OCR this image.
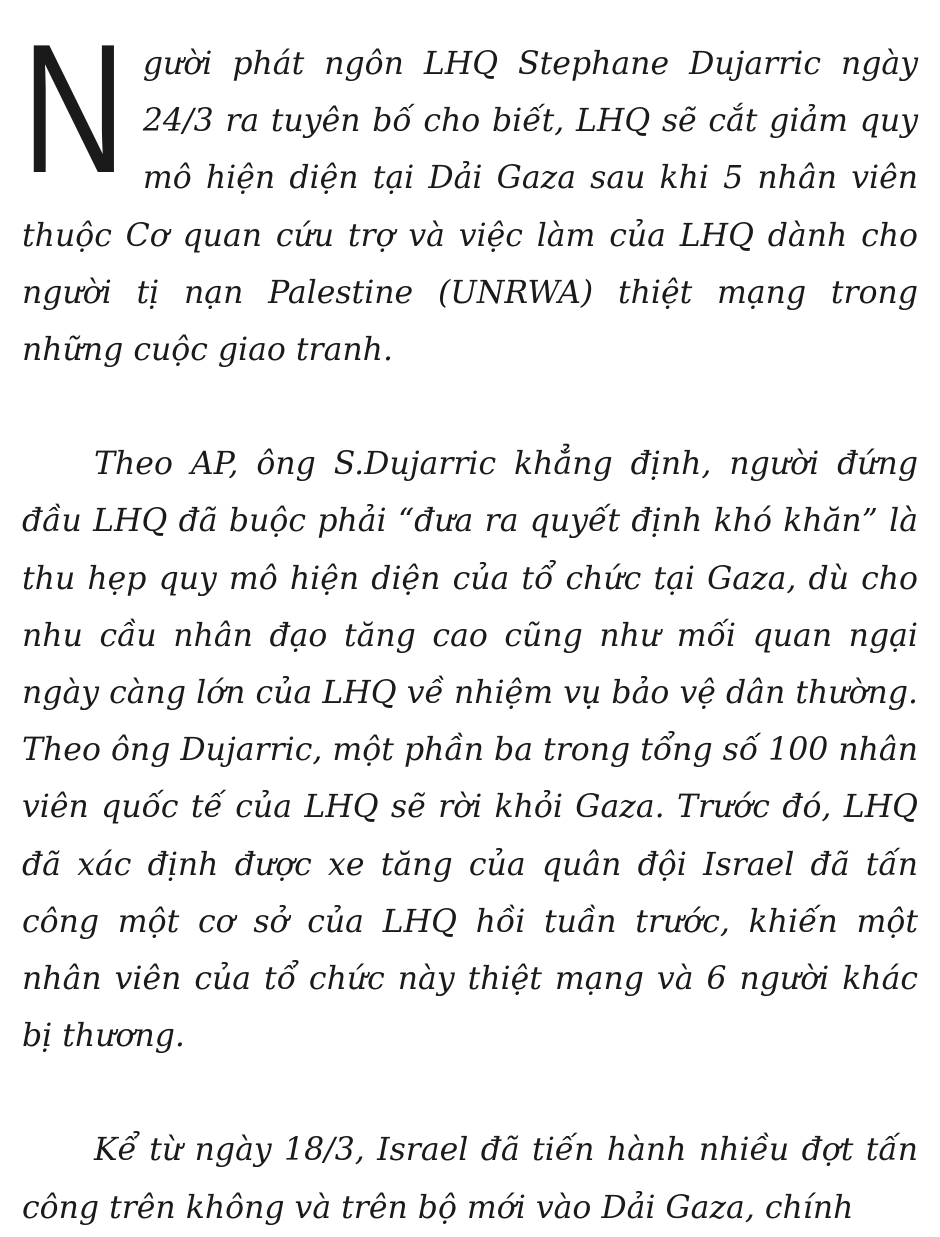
Người phát ngôn LHQ Stephane Dujarric ngày 24/3 ra tuyên bố cho biết, LHQ sẽ cắt giảm quy mô hiện diện tại Dải Gaza sau khi 5 nhân viên thuộc Cơ quan cứu trợ và việc làm của LHQ dành cho người tị nạn Palestine (UNRWA) thiệt mạng trong những cuộc giao tranh.

Theo AP, ông S.Dujarric khẳng định, người đứng đầu LHQ đã buộc phải “đưa ra quyết định khó khăn” là thu hẹp quy mô hiện diện của tổ chức tại Gaza, dù cho nhu cầu nhân đạo tăng cao cũng như mối quan ngại ngày càng lớn của LHQ về nhiệm vụ bảo vệ dân thường. Theo ông Dujarric, một phần ba trong tổng số 100 nhân viên quốc tế của LHQ sẽ rời khỏi Gaza. Trước đó, LHQ đã xác định được xe tăng của quân đội Israel đã tấn công một cơ sở của LHQ hồi tuần trước, khiến một nhân viên của tổ chức này thiệt mạng và 6 người khác bị thương.

Kể từ ngày 18/3, Israel đã tiến hành nhiều đợt tấn công trên không và trên bộ mới vào Dải Gaza, chính
